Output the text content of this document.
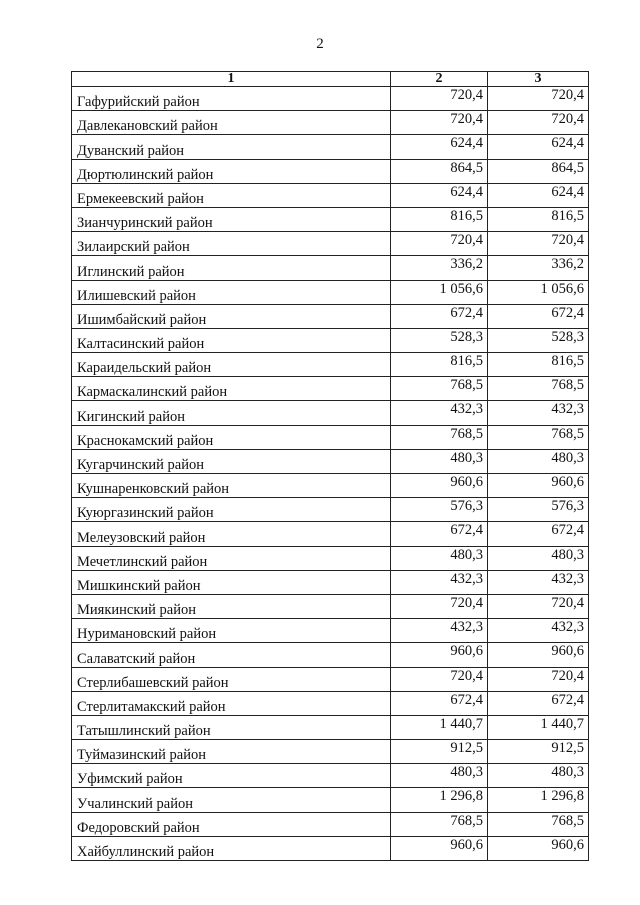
2
1	2	3
Гафурийский район	720,4	720,4
Давлекановский район	720,4	720,4
Дуванский район	624,4	624,4
Дюртюлинский район	864,5	864,5
Ермекеевский район	624,4	624,4
Зианчуринский район	816,5	816,5
Зилаирский район	720,4	720,4
Иглинский район	336,2	336,2
Илишевский район	1 056,6	1 056,6
Ишимбайский район	672,4	672,4
Калтасинский район	528,3	528,3
Караидельский район	816,5	816,5
Кармаскалинский район	768,5	768,5
Кигинский район	432,3	432,3
Краснокамский район	768,5	768,5
Кугарчинский район	480,3	480,3
Кушнаренковский район	960,6	960,6
Куюргазинский район	576,3	576,3
Мелеузовский район	672,4	672,4
Мечетлинский район	480,3	480,3
Мишкинский район	432,3	432,3
Миякинский район	720,4	720,4
Нуримановский район	432,3	432,3
Салаватский район	960,6	960,6
Стерлибашевский район	720,4	720,4
Стерлитамакский район	672,4	672,4
Татышлинский район	1 440,7	1 440,7
Туймазинский район	912,5	912,5
Уфимский район	480,3	480,3
Учалинский район	1 296,8	1 296,8
Федоровский район	768,5	768,5
Хайбуллинский район	960,6	960,6
